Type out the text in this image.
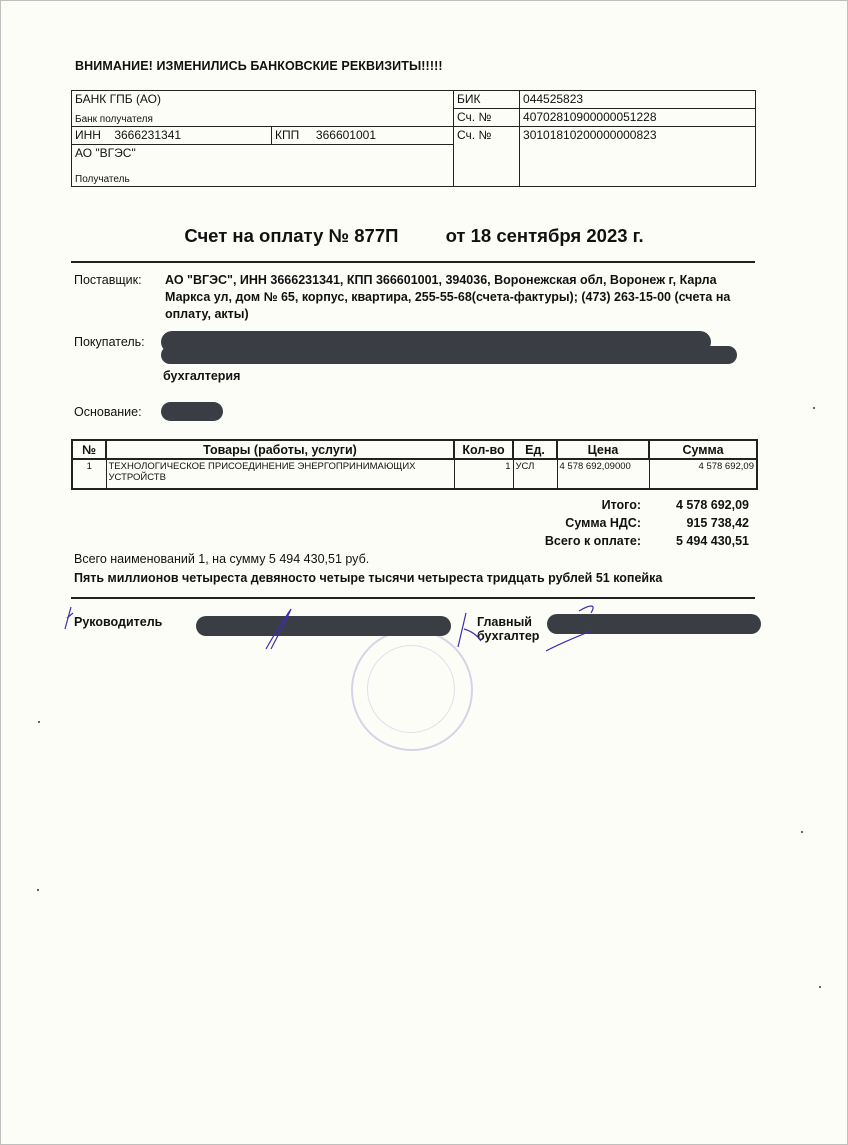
ВНИМАНИЕ! ИЗМЕНИЛИСЬ БАНКОВСКИЕ РЕКВИЗИТЫ!!!!!
БАНК ГПБ (АО)		БИК	044525823
Банк получателя		Сч. №	40702810900000051228
ИНН 3666231341	КПП 366601001	Сч. №	30101810200000000823
АО "ВГЭС"			
Получатель			
Счет на оплату № 877П	от 18 сентября 2023 г.
Поставщик: АО "ВГЭС", ИНН 3666231341, КПП 366601001, 394036, Воронежская обл, Воронеж г, Карла Маркса ул, дом № 65, корпус, квартира, 255-55-68(счета-фактуры); (473) 263-15-00 (счета на оплату, акты)
Покупатель:
бухгалтерия
Основание:
№	Товары (работы, услуги)	Кол-во	Ед.	Цена	Сумма
1	ТЕХНОЛОГИЧЕСКОЕ ПРИСОЕДИНЕНИЕ ЭНЕРГОПРИНИМАЮЩИХ УСТРОЙСТВ	1	УСЛ	4 578 692,09000	4 578 692,09
Итого:	4 578 692,09
Сумма НДС:	915 738,42
Всего к оплате:	5 494 430,51
Всего наименований 1, на сумму 5 494 430,51 руб.
Пять миллионов четыреста девяносто четыре тысячи четыреста тридцать рублей 51 копейка
Руководитель	Главный
бухгалтер
